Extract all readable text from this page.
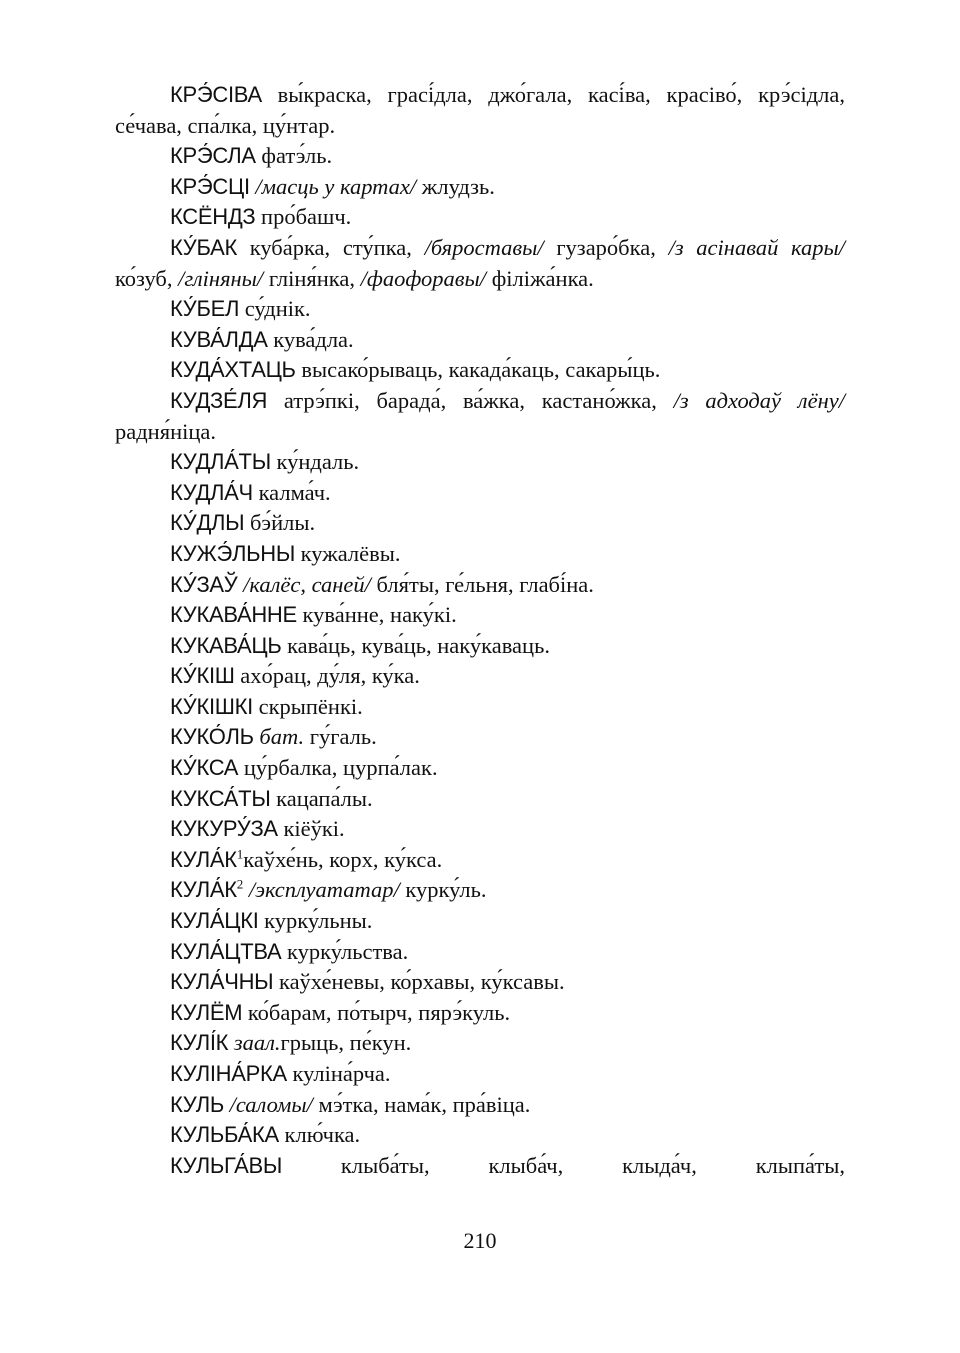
КРЭ́СІВА вы́краска, грасі́дла, джо́гала, касі́ва, красіво́, крэ́сідла, се́чава, спа́лка, цу́нтар.

КРЭ́СЛА фатэ́ль.

КРЭ́СЦІ /масць у картах/ жлудзь.

КСЁНДЗ про́башч.

КУ́БАК куба́рка, сту́пка, /бяроставы/ гузаро́бка, /з асінавай кары/ ко́зуб, /гліняны/ гліня́нка, /фаофоравы/ філіжа́нка.

КУ́БЕЛ су́днік.

КУВА́ЛДА кува́дла.

КУДА́ХТАЦЬ высако́рываць, какада́каць, сакары́ць.

КУДЗЕ́ЛЯ атрэ́пкі, барада́, ва́жка, кастано́жка, /з адходаў лёну/ радня́ніца.

КУДЛА́ТЫ ку́ндаль.

КУДЛА́Ч калма́ч.

КУ́ДЛЫ бэ́йлы.

КУЖЭ́ЛЬНЫ кужалёвы.

КУ́ЗАЎ /калёс, саней/ бля́ты, ге́льня, глабі́на.

КУКАВА́ННЕ кува́нне, наку́кі.

КУКАВА́ЦЬ кава́ць, кува́ць, наку́каваць.

КУ́КІШ axо́рац, ду́ля, ку́ка.

КУ́КІШКІ скрыпёнкі.

КУКО́ЛЬ бат. гу́галь.

КУ́КСА цу́рбалка, цурпа́лак.

КУКСА́ТЫ кацапа́лы.

КУКУРУ́ЗА кіёўкі.

$КУЛА́К^1каўхе́нь$, корх, ку́кса.

$КУЛА́К^2$ /эксплуататар/ курку́ль.

КУЛА́ЦКІ курку́льны.

КУЛА́ЦТВА курку́льства.

КУЛА́ЧНЫ каўхе́невы, ко́рхавы, ку́ксавы.

КУЛЁМ ко́барам, по́тырч, пярэ́куль.

КУЛІ́К заал.грыць, пе́кун.

КУЛІНА́РКА куліна́рча.

КУЛЬ /саломы/ мэ́тка, нама́к, пра́віца.

КУЛЬБА́КА клю́чка.

КУЛЬГА́ВЫ клыба́ты, клыба́ч, клыда́ч, клыпа́ты,

210
